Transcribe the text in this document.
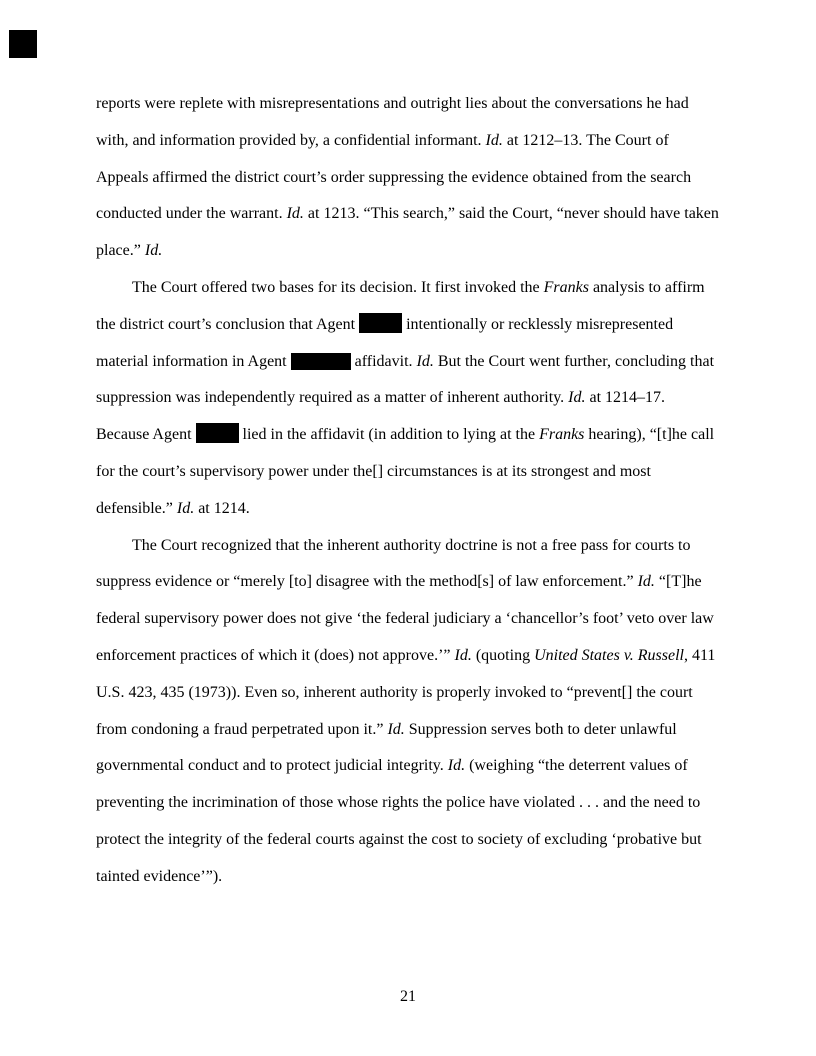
reports were replete with misrepresentations and outright lies about the conversations he had
with, and information provided by, a confidential informant. Id. at 1212–13. The Court of
Appeals affirmed the district court’s order suppressing the evidence obtained from the search
conducted under the warrant. Id. at 1213. “This search,” said the Court, “never should have taken
place.” Id.
The Court offered two bases for its decision. It first invoked the Franks analysis to affirm
the district court’s conclusion that Agent	intentionally or recklessly misrepresented
material information in Agent	affidavit. Id. But the Court went further, concluding that
suppression was independently required as a matter of inherent authority. Id. at 1214–17.
Because Agent	lied in the affidavit (in addition to lying at the Franks hearing), “[t]he call
for the court’s supervisory power under the[] circumstances is at its strongest and most
defensible.” Id. at 1214.
The Court recognized that the inherent authority doctrine is not a free pass for courts to
suppress evidence or “merely [to] disagree with the method[s] of law enforcement.” Id. “[T]he
federal supervisory power does not give ‘the federal judiciary a ‘chancellor’s foot’ veto over law
enforcement practices of which it (does) not approve.’” Id. (quoting United States v. Russell, 411
U.S. 423, 435 (1973)). Even so, inherent authority is properly invoked to “prevent[] the court
from condoning a fraud perpetrated upon it.” Id. Suppression serves both to deter unlawful
governmental conduct and to protect judicial integrity. Id. (weighing “the deterrent values of
preventing the incrimination of those whose rights the police have violated . . . and the need to
protect the integrity of the federal courts against the cost to society of excluding ‘probative but
tainted evidence’”).
21
